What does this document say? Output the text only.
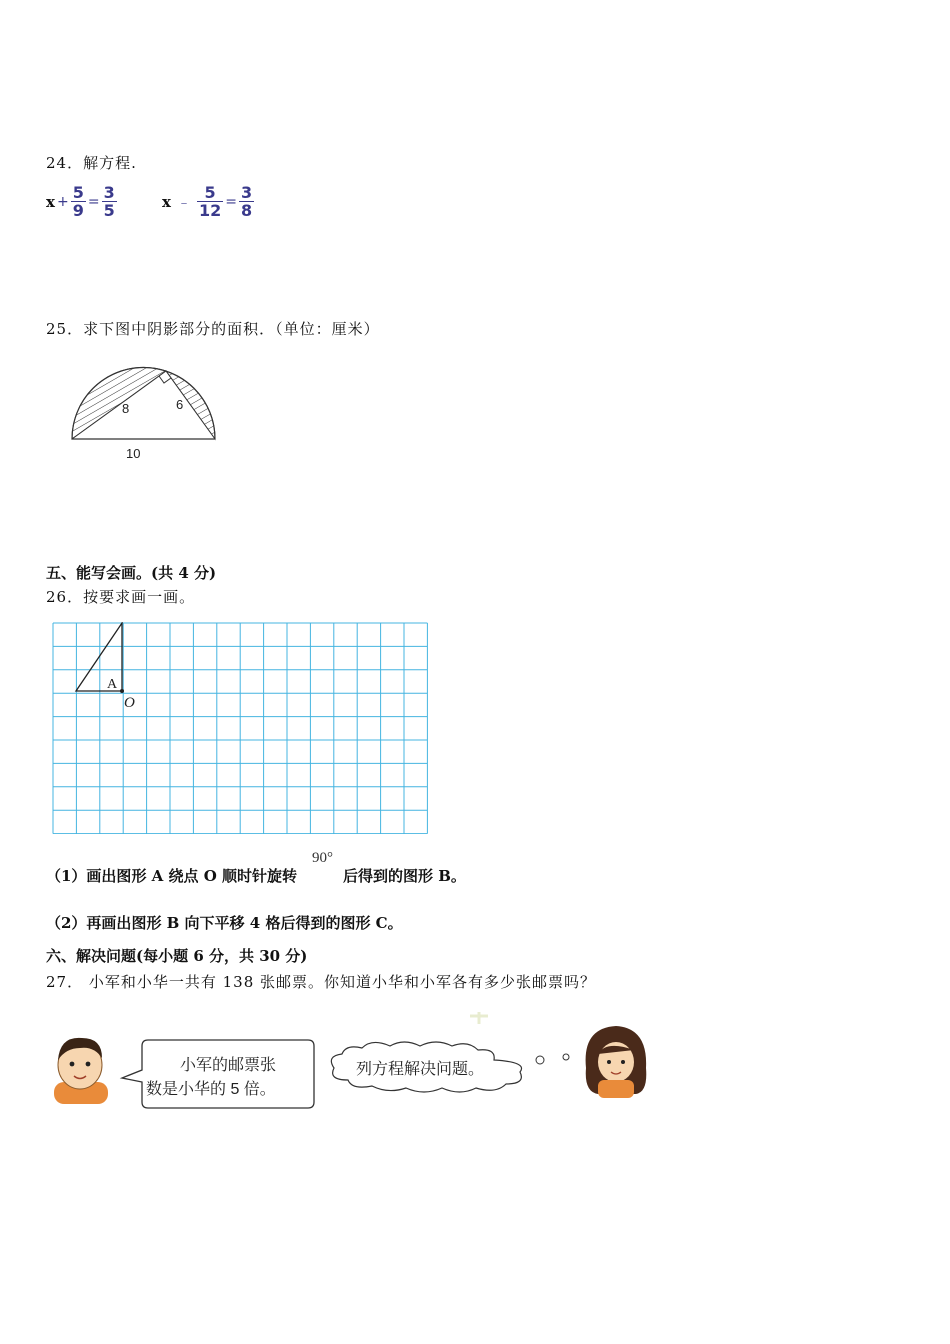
24．解方程.
$x + \frac{5}{9} = \frac{3}{5}$	x ﹣ $\frac{5}{12} = \frac{3}{8}$
25．求下图中阴影部分的面积．（单位：厘米）
8	6
10
五、能写会画。(共 4 分)
26．按要求画一画。
A
O
（1）画出图形 A 绕点 O 顺时针旋转
90°
后得到的图形 B。
（2）再画出图形 B 向下平移 4 格后得到的图形 C。
六、解决问题(每小题 6 分，共 30 分)
27． 小军和小华一共有 138 张邮票。你知道小华和小军各有多少张邮票吗？
小军的邮票张
数是小华的 5 倍。
列方程解决问题。
